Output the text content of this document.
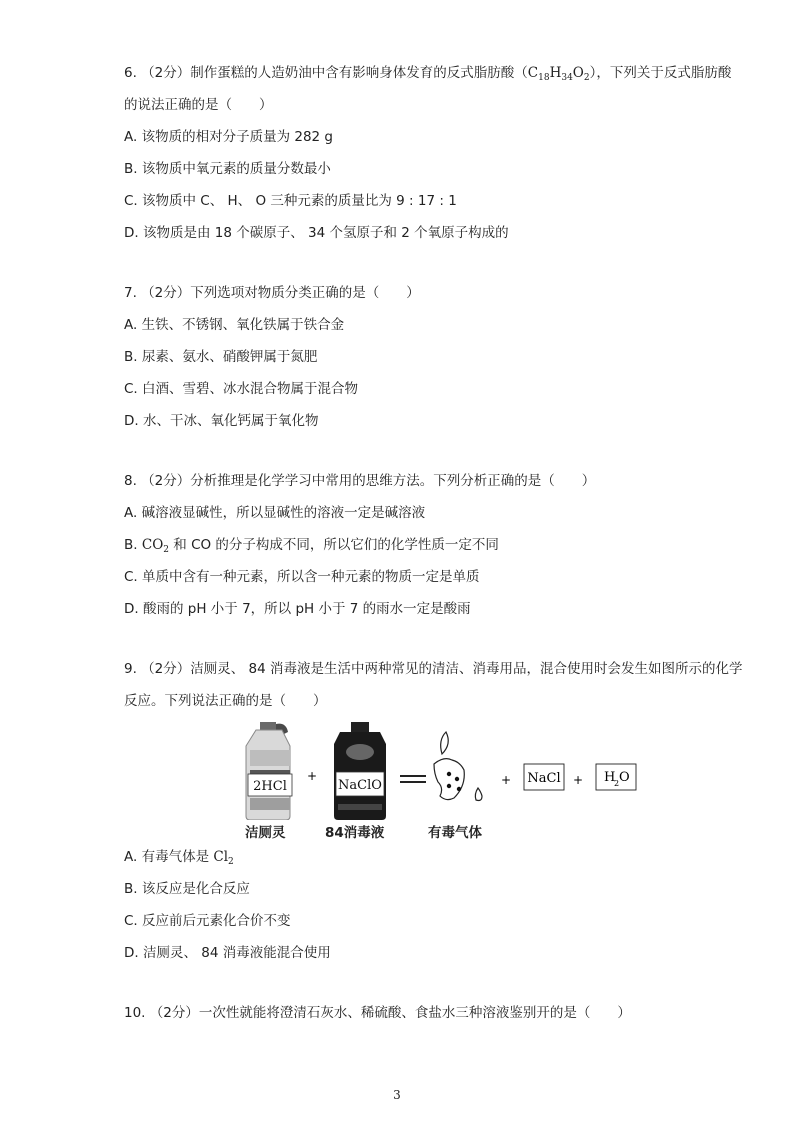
6. （2分）制作蛋糕的人造奶油中含有影响身体发育的反式脂肪酸$(C_{18}H_{34}O_2)$，下列关于反式脂肪酸
的说法正确的是（　　）
A. 该物质的相对分子质量为 282 g
B. 该物质中氧元素的质量分数最小
C. 该物质中 C、 H、 O 三种元素的质量比为 9 : 17 : 1
D. 该物质是由 18 个碳原子、 34 个氢原子和 2 个氧原子构成的
7. （2分）下列选项对物质分类正确的是（　　）
A. 生铁、不锈钢、氧化铁属于铁合金
B. 尿素、氨水、硝酸钾属于氮肥
C. 白酒、雪碧、冰水混合物属于混合物
D. 水、干冰、氧化钙属于氧化物
8. （2分）分析推理是化学学习中常用的思维方法。下列分析正确的是（　　）
A. 碱溶液显碱性，所以显碱性的溶液一定是碱溶液
B. $CO_2$ 和 CO 的分子构成不同，所以它们的化学性质一定不同
C. 单质中含有一种元素，所以含一种元素的物质一定是单质
D. 酸雨的 pH 小于 7，所以 pH 小于 7 的雨水一定是酸雨
9. （2分）洁厕灵、 84 消毒液是生活中两种常见的清洁、消毒用品，混合使用时会发生如图所示的化学
反应。下列说法正确的是（　　）
2HCl
+
NaClO	+ NaCl + H
2 O
洁厕灵	84消毒液	有毒气体
A. 有毒气体是 $Cl_2$
B. 该反应是化合反应
C. 反应前后元素化合价不变
D. 洁厕灵、 84 消毒液能混合使用
10. （2分）一次性就能将澄清石灰水、稀硫酸、食盐水三种溶液鉴别开的是（　　）
3
